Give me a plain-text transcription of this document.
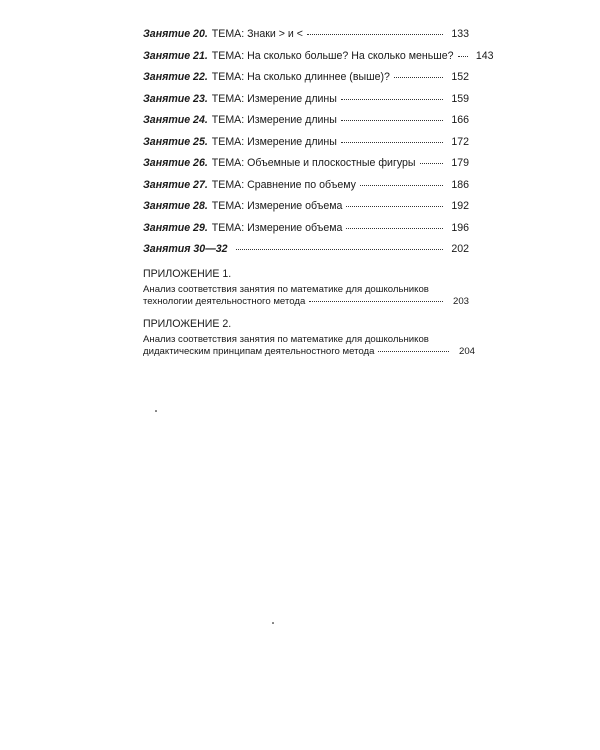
Занятие 20. ТЕМА: Знаки > и <	133
Занятие 21. ТЕМА: На сколько больше? На сколько меньше?	143
Занятие 22. ТЕМА: На сколько длиннее (выше)?	152
Занятие 23. ТЕМА: Измерение длины	159
Занятие 24. ТЕМА: Измерение длины	166
Занятие 25. ТЕМА: Измерение длины	172
Занятие 26. ТЕМА: Объемные и плоскостные фигуры	179
Занятие 27. ТЕМА: Сравнение по объему	186
Занятие 28. ТЕМА: Измерение объема	192
Занятие 29. ТЕМА: Измерение объема	196
Занятия 30—32	202
ПРИЛОЖЕНИЕ 1.
Анализ соответствия занятия по математике для дошкольников
технологии деятельностного метода	203
ПРИЛОЖЕНИЕ 2.
Анализ соответствия занятия по математике для дошкольников
дидактическим принципам деятельностного метода	204
